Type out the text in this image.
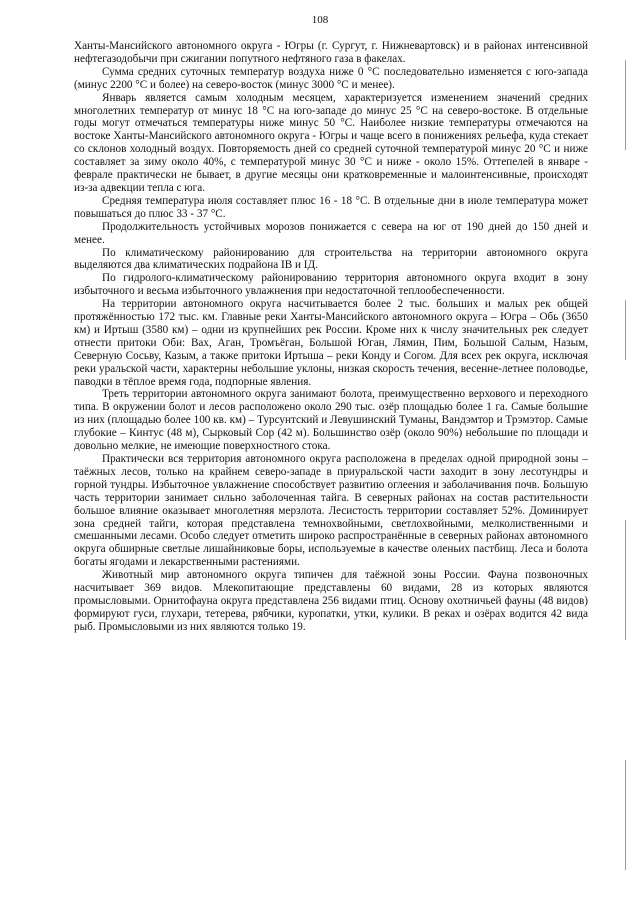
108

Ханты-Мансийского автономного округа - Югры (г. Сургут, г. Нижневартовск) и в районах интенсивной нефтегазодобычи при сжигании попутного нефтяного газа в факелах.

Сумма средних суточных температур воздуха ниже 0 °С последовательно изменяется с юго-запада (минус 2200 °С и более) на северо-восток (минус 3000 °С и менее).

Январь является самым холодным месяцем, характеризуется изменением значений средних многолетних температур от минус 18 °С на юго-западе до минус 25 °С на северо-востоке. В отдельные годы могут отмечаться температуры ниже минус 50 °С. Наиболее низкие температуры отмечаются на востоке Ханты-Мансийского автономного округа - Югры и чаще всего в понижениях рельефа, куда стекает со склонов холодный воздух. Повторяемость дней со средней суточной температурой минус 20 °С и ниже составляет за зиму около 40%, с температурой минус 30 °С и ниже - около 15%. Оттепелей в январе - феврале практически не бывает, в другие месяцы они кратковременные и малоинтенсивные, происходят из-за адвекции тепла с юга.

Средняя температура июля составляет плюс 16 - 18 °С. В отдельные дни в июле температура может повышаться до плюс 33 - 37 °С.

Продолжительность устойчивых морозов понижается с севера на юг от 190 дней до 150 дней и менее.

По климатическому районированию для строительства на территории автономного округа выделяются два климатических подрайона IВ и IД.

По гидролого-климатическому районированию территория автономного округа входит в зону избыточного и весьма избыточного увлажнения при недостаточной теплообеспеченности.

На территории автономного округа насчитывается более 2 тыс. больших и малых рек общей протяжённостью 172 тыс. км. Главные реки Ханты-Мансийского автономного округа – Югра – Обь (3650 км) и Иртыш (3580 км) – одни из крупнейших рек России. Кроме них к числу значительных рек следует отнести притоки Оби: Вах, Аган, Тромъёган, Большой Юган, Лямин, Пим, Большой Салым, Назым, Северную Сосьву, Казым, а также притоки Иртыша – реки Конду и Согом. Для всех рек округа, исключая реки уральской части, характерны небольшие уклоны, низкая скорость течения, весенне-летнее половодье, паводки в тёплое время года, подпорные явления.

Треть территории автономного округа занимают болота, преимущественно верхового и переходного типа. В окружении болот и лесов расположено около 290 тыс. озёр площадью более 1 га. Самые большие из них (площадью более 100 кв. км) – Турсунтский и Левушинский Туманы, Вандэмтор и Трэмэтор. Самые глубокие – Кинтус (48 м), Сырковый Сор (42 м). Большинство озёр (около 90%) небольшие по площади и довольно мелкие, не имеющие поверхностного стока.

Практически вся территория автономного округа расположена в пределах одной природной зоны – таёжных лесов, только на крайнем северо-западе в приуральской части заходит в зону лесотундры и горной тундры. Избыточное увлажнение способствует развитию оглеения и заболачивания почв. Большую часть территории занимает сильно заболоченная тайга. В северных районах на состав растительности большое влияние оказывает многолетняя мерзлота. Лесистость территории составляет 52%. Доминирует зона средней тайги, которая представлена темнохвойными, светлохвойными, мелколиственными и смешанными лесами. Особо следует отметить широко распространённые в северных районах автономного округа обширные светлые лишайниковые боры, используемые в качестве оленьих пастбищ. Леса и болота богаты ягодами и лекарственными растениями.

Животный мир автономного округа типичен для таёжной зоны России. Фауна позвоночных насчитывает 369 видов. Млекопитающие представлены 60 видами, 28 из которых являются промысловыми. Орнитофауна округа представлена 256 видами птиц. Основу охотничьей фауны (48 видов) формируют гуси, глухари, тетерева, рябчики, куропатки, утки, кулики. В реках и озёрах водится 42 вида рыб. Промысловыми из них являются только 19.
